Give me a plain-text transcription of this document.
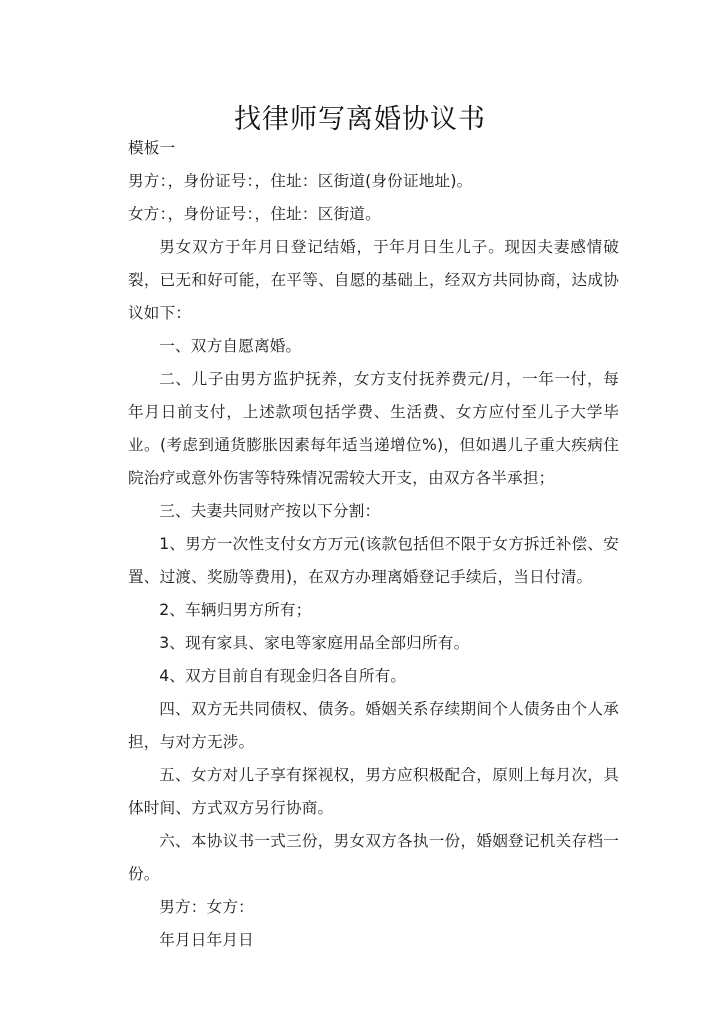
找律师写离婚协议书

模板一

男方：，身份证号：，住址：区街道(身份证地址)。

女方：，身份证号：，住址：区街道。

男女双方于年月日登记结婚，于年月日生儿子。现因夫妻感情破裂，已无和好可能，在平等、自愿的基础上，经双方共同协商，达成协议如下：

一、双方自愿离婚。

二、儿子由男方监护抚养，女方支付抚养费元/月，一年一付，每年月日前支付，上述款项包括学费、生活费、女方应付至儿子大学毕业。(考虑到通货膨胀因素每年适当递增位%)，但如遇儿子重大疾病住院治疗或意外伤害等特殊情况需较大开支，由双方各半承担；

三、夫妻共同财产按以下分割：

1、男方一次性支付女方万元(该款包括但不限于女方拆迁补偿、安置、过渡、奖励等费用)，在双方办理离婚登记手续后，当日付清。

2、车辆归男方所有；

3、现有家具、家电等家庭用品全部归所有。

4、双方目前自有现金归各自所有。

四、双方无共同债权、债务。婚姻关系存续期间个人债务由个人承担，与对方无涉。

五、女方对儿子享有探视权，男方应积极配合，原则上每月次，具体时间、方式双方另行协商。

六、本协议书一式三份，男女双方各执一份，婚姻登记机关存档一份。

男方：女方：

年月日年月日
